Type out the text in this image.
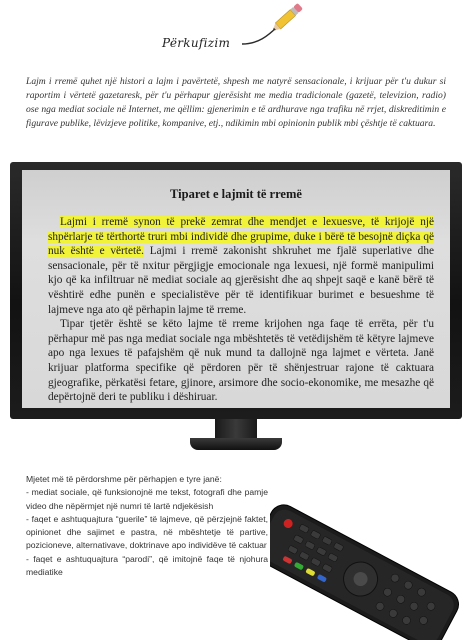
Përkufizim
Lajm i rremë quhet një histori a lajm i pavërtetë, shpesh me natyrë sensacionale, i krijuar për t'u dukur si raportim i vërtetë gazetaresk, për t'u përhapur gjerësisht me media tradicionale (gazetë, televizion, radio) ose nga mediat sociale në Internet, me qëllim: gjenerimin e të ardhurave nga trafiku në rrjet, diskreditimin e figurave publike, lëvizjeve politike, kompanive, etj., ndikimin mbi opinionin publik mbi çështje të caktuara.
Tiparet e lajmit të rremë

Lajmi i rremë synon të prekë zemrat dhe mendjet e lexuesve, të krijojë një shpërlarje të tërthortë truri mbi individë dhe grupime, duke i bërë të besojnë diçka që nuk është e vërtetë. Lajmi i rremë zakonisht shkruhet me fjalë superlative dhe sensacionale, për të nxitur përgjigje emocionale nga lexuesi, një formë manipulimi kjo që ka infiltruar në mediat sociale aq gjerësisht dhe aq shpejt saqë e kanë bërë të vështirë edhe punën e specialistëve për të identifikuar burimet e besueshme të lajmeve nga ato që përhapin lajme të rreme.

Tipar tjetër është se këto lajme të rreme krijohen nga faqe të errëta, për t'u përhapur më pas nga mediat sociale nga mbështetës të vetëdijshëm të këtyre lajmeve apo nga lexues të pafajshëm që nuk mund ta dallojnë nga lajmet e vërteta. Janë krijuar platforma specifike që përdoren për të shënjestruar rajone të caktuara gjeografike, përkatësi fetare, gjinore, arsimore dhe socio-ekonomike, me mesazhe që depërtojnë deri te publiku i dëshiruar.

Mjetet më të përdorshme për përhapjen e tyre janë:
- mediat sociale, që funksionojnë me tekst, fotografi dhe pamje video dhe nëpërmjet një numri të lartë ndjekësish
- faqet e ashtuquajtura “guerile” të lajmeve, që përzjejnë faktet, opinionet dhe sajimet e pastra, në mbështetje të partive, pozicioneve, alternativave, doktrinave apo individëve të caktuar
- faqet e ashtuquajtura “parodi”, që imitojnë faqe të njohura mediatike
